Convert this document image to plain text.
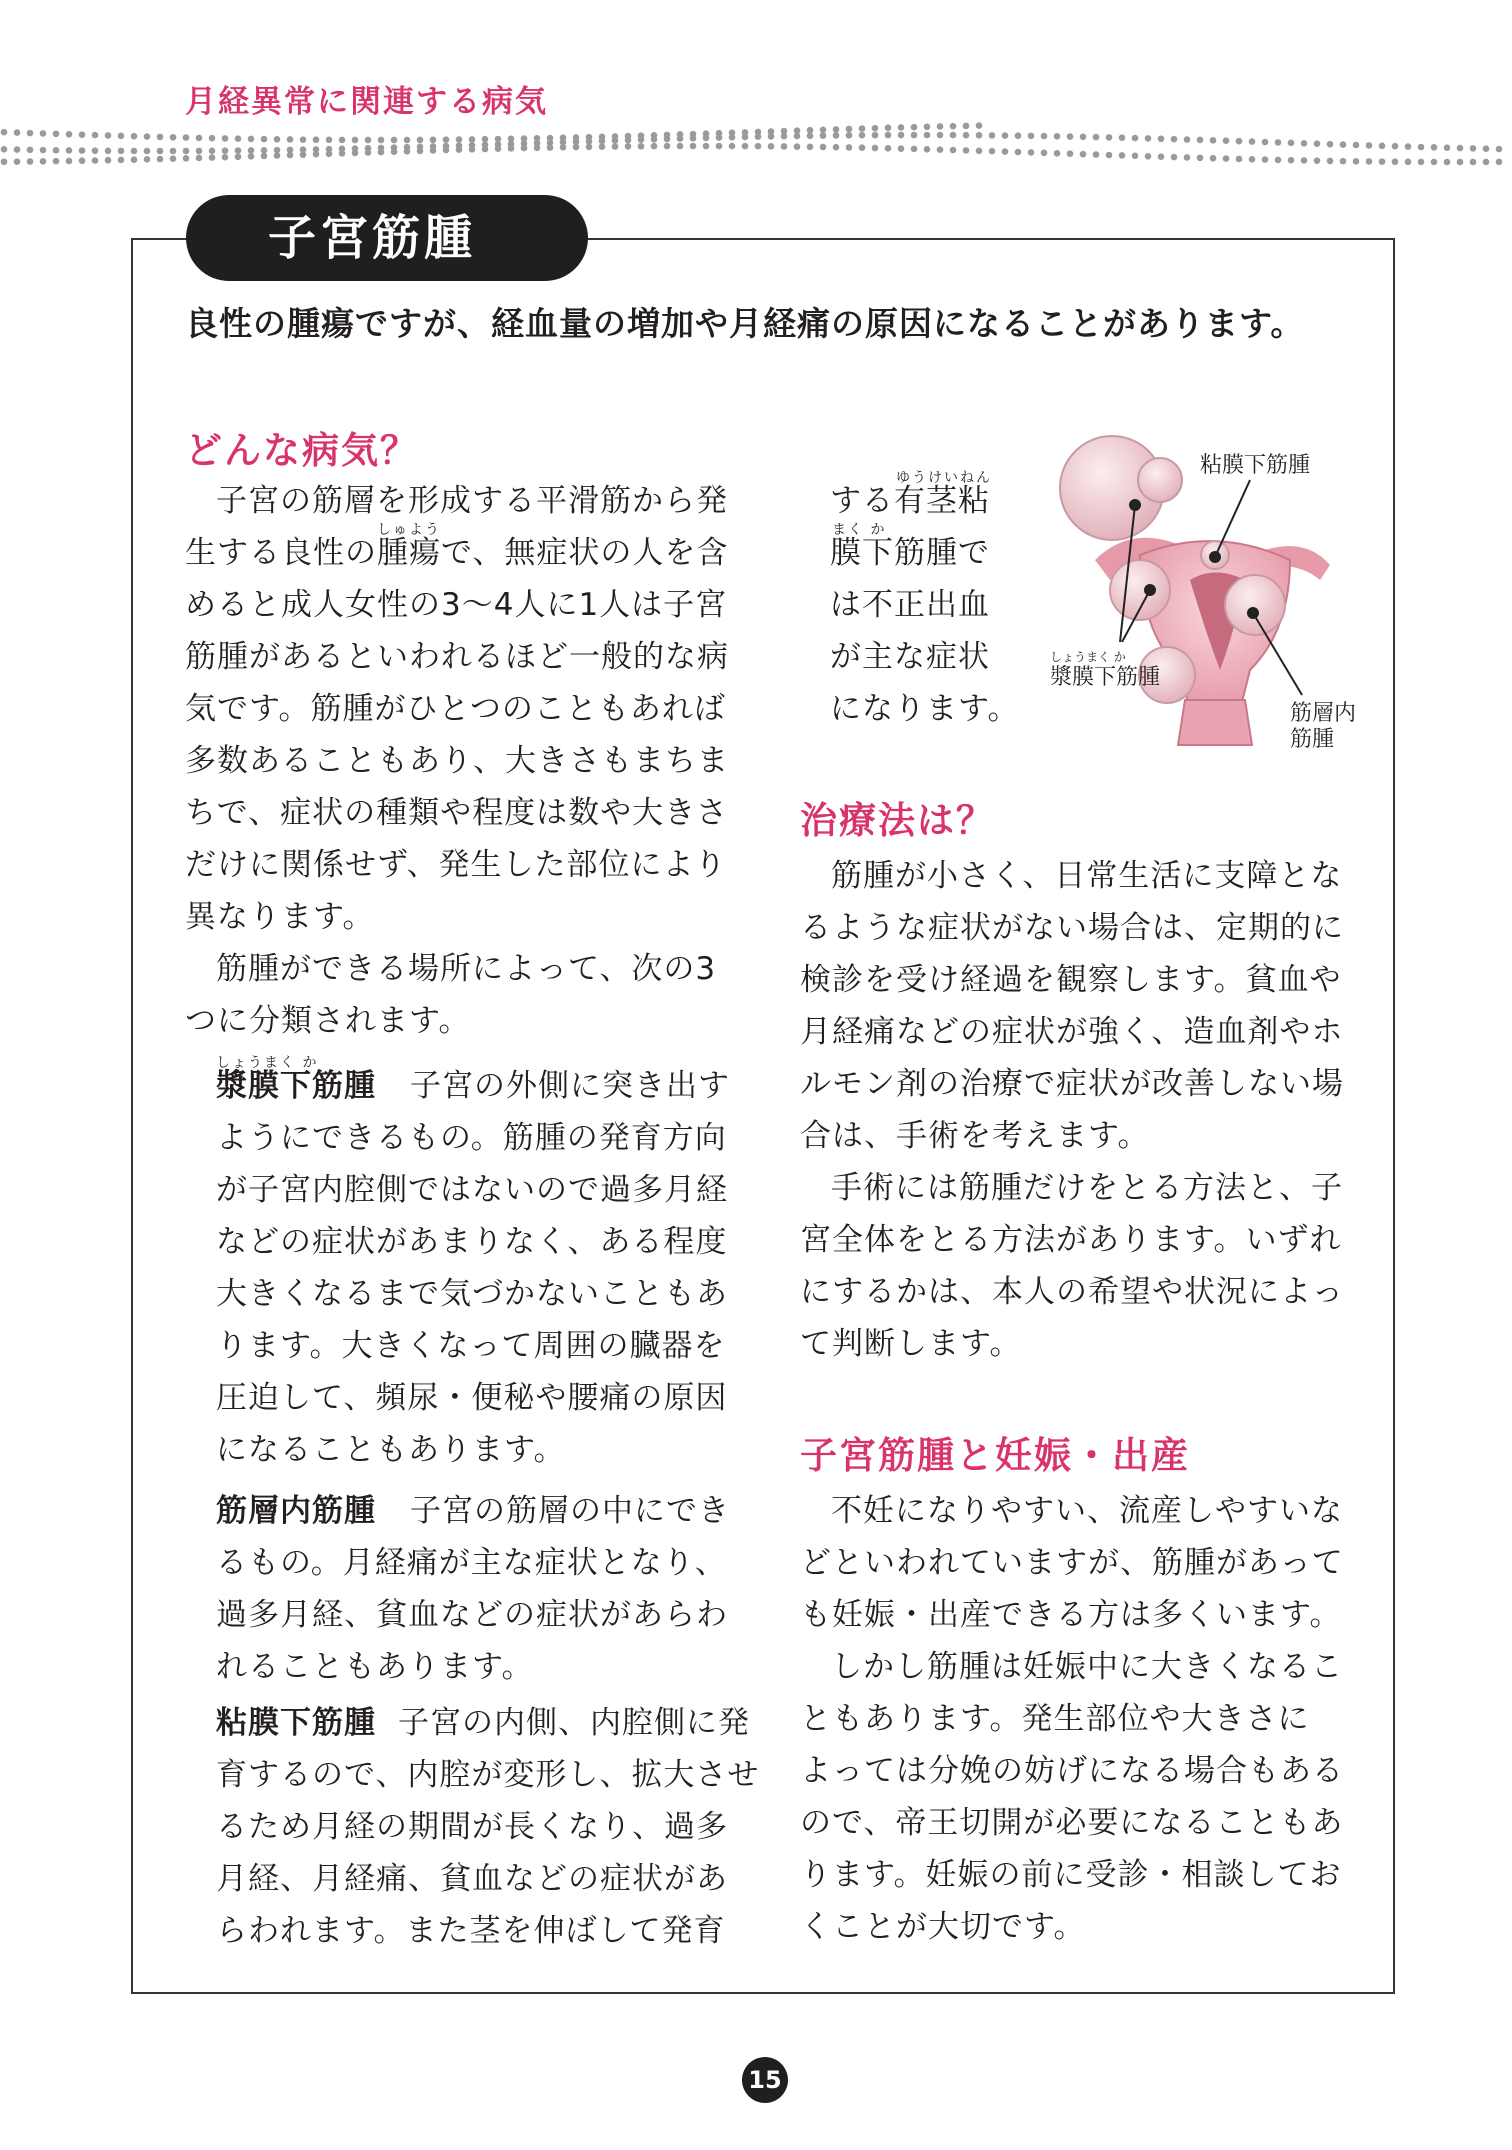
月経異常に関連する病気
子宮筋腫
良性の腫瘍ですが、経血量の増加や月経痛の原因になることがあります。
どんな病気？
子宮の筋層を形成する平滑筋から発
しゅよう
生する良性の腫瘍で、無症状の人を含
めると成人女性の3〜4人に1人は子宮
筋腫があるといわれるほど一般的な病
気です。筋腫がひとつのこともあれば
多数あることもあり、大きさもまちま
ちで、症状の種類や程度は数や大きさ
だけに関係せず、発生した部位により
異なります。
筋腫ができる場所によって、次の3
つに分類されます。
しょうまく か
漿膜下筋腫 子宮の外側に突き出す
ようにできるもの。筋腫の発育方向
が子宮内腔側ではないので過多月経
などの症状があまりなく、ある程度
大きくなるまで気づかないこともあ
ります。大きくなって周囲の臓器を
圧迫して、頻尿・便秘や腰痛の原因
になることもあります。
筋層内筋腫 子宮の筋層の中にでき
るもの。月経痛が主な症状となり、
過多月経、貧血などの症状があらわ
れることもあります。
粘膜下筋腫 子宮の内側、内腔側に発
育するので、内腔が変形し、拡大させ
るため月経の期間が長くなり、過多
月経、月経痛、貧血などの症状があ
らわれます。また茎を伸ばして発育
ゆうけいねん
する有茎粘
まく か
膜下筋腫で
は不正出血
が主な症状
になります。
粘膜下筋腫
しょうまく か
漿膜下筋腫
筋層内
筋腫
治療法は？
筋腫が小さく、日常生活に支障とな
るような症状がない場合は、定期的に
検診を受け経過を観察します。貧血や
月経痛などの症状が強く、造血剤やホ
ルモン剤の治療で症状が改善しない場
合は、手術を考えます。
手術には筋腫だけをとる方法と、子
宮全体をとる方法があります。いずれ
にするかは、本人の希望や状況によっ
て判断します。
子宮筋腫と妊娠・出産
不妊になりやすい、流産しやすいな
どといわれていますが、筋腫があって
も妊娠・出産できる方は多くいます。
しかし筋腫は妊娠中に大きくなるこ
ともあります。発生部位や大きさに
よっては分娩の妨げになる場合もある
ので、帝王切開が必要になることもあ
ります。妊娠の前に受診・相談してお
くことが大切です。
15
